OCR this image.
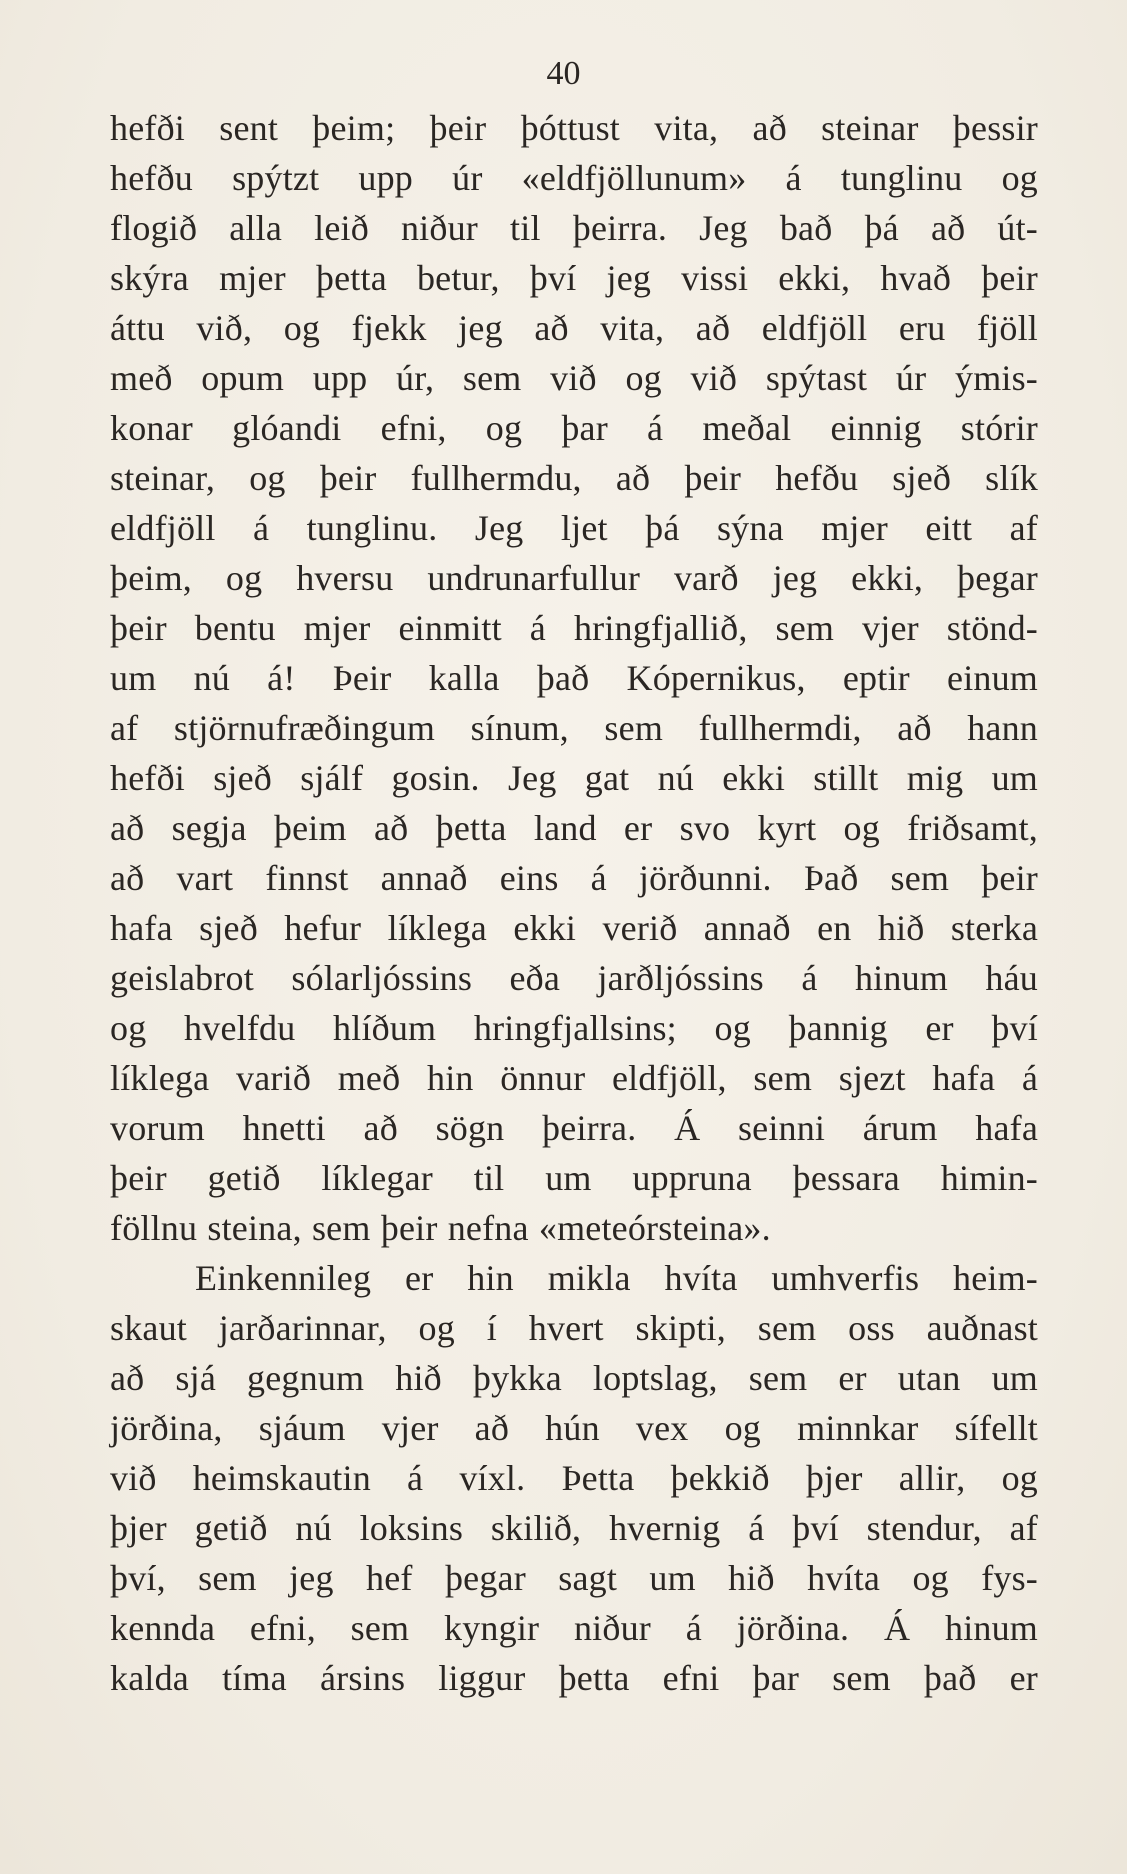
40
hefði sent þeim; þeir þóttust vita, að steinar þessir
hefðu spýtzt upp úr «eldfjöllunum» á tunglinu og
flogið alla leið niður til þeirra. Jeg bað þá að út-
skýra mjer þetta betur, því jeg vissi ekki, hvað þeir
áttu við, og fjekk jeg að vita, að eldfjöll eru fjöll
með opum upp úr, sem við og við spýtast úr ýmis-
konar glóandi efni, og þar á meðal einnig stórir
steinar, og þeir fullhermdu, að þeir hefðu sjeð slík
eldfjöll á tunglinu. Jeg ljet þá sýna mjer eitt af
þeim, og hversu undrunarfullur varð jeg ekki, þegar
þeir bentu mjer einmitt á hringfjallið, sem vjer stönd-
um nú á! Þeir kalla það Kópernikus, eptir einum
af stjörnufræðingum sínum, sem fullhermdi, að hann
hefði sjeð sjálf gosin. Jeg gat nú ekki stillt mig um
að segja þeim að þetta land er svo kyrt og friðsamt,
að vart finnst annað eins á jörðunni. Það sem þeir
hafa sjeð hefur líklega ekki verið annað en hið sterka
geislabrot sólarljóssins eða jarðljóssins á hinum háu
og hvelfdu hlíðum hringfjallsins; og þannig er því
líklega varið með hin önnur eldfjöll, sem sjezt hafa á
vorum hnetti að sögn þeirra. Á seinni árum hafa
þeir getið líklegar til um uppruna þessara himin-
föllnu steina, sem þeir nefna «meteórsteina».
Einkennileg er hin mikla hvíta umhverfis heim-
skaut jarðarinnar, og í hvert skipti, sem oss auðnast
að sjá gegnum hið þykka loptslag, sem er utan um
jörðina, sjáum vjer að hún vex og minnkar sífellt
við heimskautin á víxl. Þetta þekkið þjer allir, og
þjer getið nú loksins skilið, hvernig á því stendur, af
því, sem jeg hef þegar sagt um hið hvíta og fys-
kennda efni, sem kyngir niður á jörðina. Á hinum
kalda tíma ársins liggur þetta efni þar sem það er
